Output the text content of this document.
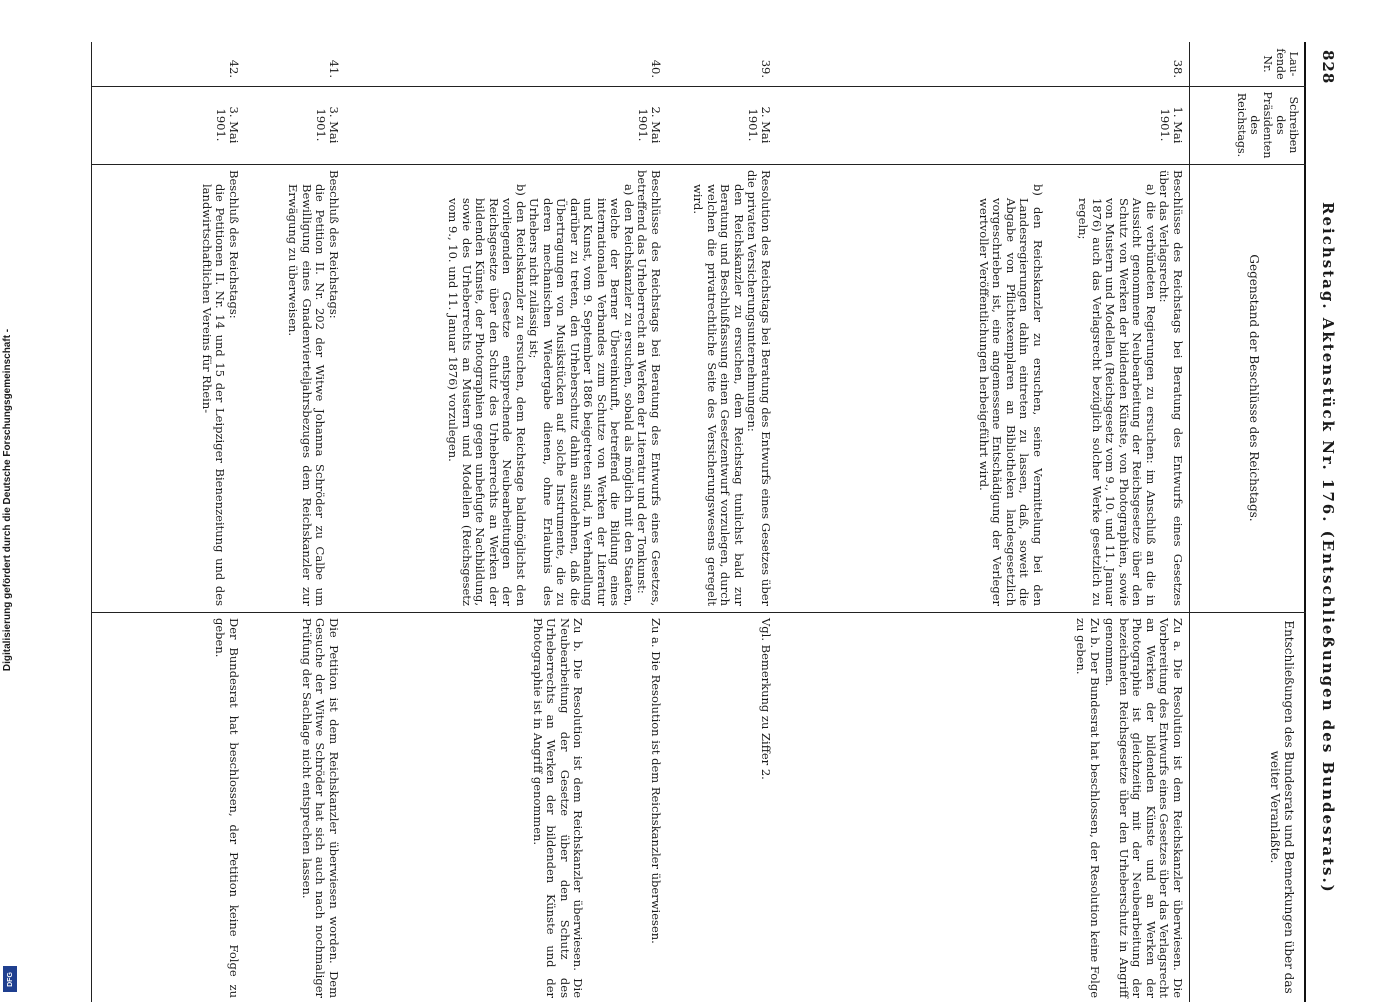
Digitalisierung gefördert durch die Deutsche Forschungsgemeinschaft -
DFG
828
Reichstag. Aktenstück Nr. 176. (Entschließungen des Bundesrats.)
Lau- fende Nr.
Schreiben des Präsidenten des Reichstags.
Gegenstand der Beschlüsse des Reichstags.
Entschließungen des Bundesrats und Bemerkungen über das weiter Veranlaßte.
38.
1. Mai 1901.
Beschlüsse des Reichstags bei Beratung des Entwurfs eines Gesetzes über das Verlagsrecht:
a) die verbündeten Regierungen zu ersuchen: im Anschluß an die in Aussicht genommene Neubearbeitung der Reichsgesetze über den Schutz von Werken der bildenden Künste, von Photographien, sowie von Mustern und Modellen (Reichsgesetz vom 9., 10. und 11. Januar 1876) auch das Verlagsrecht bezüglich solcher Werke gesetzlich zu regeln;
b) den Reichskanzler zu ersuchen, seine Vermittelung bei den Landesregierungen dahin eintreten zu lassen, daß, soweit die Abgabe von Pflichtexemplaren an Bibliotheken landesgesetzlich vorgeschrieben ist, eine angemessene Entschädigung der Verleger wertvoller Veröffentlichungen herbeigeführt wird.
Zu a. Die Resolution ist dem Reichskanzler überwiesen. Die Vorbereitung des Entwurfs eines Gesetzes über das Verlagsrecht an Werken der bildenden Künste und an Werken der Photographie ist gleichzeitig mit der Neubearbeitung der bezeichneten Reichsgesetze über den Urheberschutz in Angriff genommen.
Zu b. Der Bundesrat hat beschlossen, der Resolution keine Folge zu geben.
39.
2. Mai 1901.
Resolution des Reichstags bei Beratung des Entwurfs eines Gesetzes über die privaten Versicherungsunternehmungen:
den Reichskanzler zu ersuchen, dem Reichstag tunlichst bald zur Beratung und Beschlußfassung einen Gesetzentwurf vorzulegen, durch welchen die privatrechtliche Seite des Versicherungswesens geregelt wird.
Vgl. Bemerkung zu Ziffer 2.
40.
2. Mai 1901.
Beschlüsse des Reichstags bei Beratung des Entwurfs eines Gesetzes, betreffend das Urheberrecht an Werken der Literatur und der Tonkunst:
a) den Reichskanzler zu ersuchen, sobald als möglich mit den Staaten, welche der Berner Übereinkunft, betreffend die Bildung eines internationalen Verbandes zum Schutze von Werken der Literatur und Kunst, vom 9. September 1886 beigetreten sind, in Verhandlung darüber zu treten, den Urheberschutz dahin auszudehnen, daß die Übertragungen von Musikstücken auf solche Instrumente, die zu deren mechanischen Wiedergabe dienen, ohne Erlaubnis des Urhebers nicht zulässig ist;
b) den Reichskanzler zu ersuchen, dem Reichstage baldmöglichst den vorliegenden Gesetze entsprechende Neubearbeitungen der Reichsgesetze über den Schutz des Urheberrechts an Werken der bildenden Künste, der Photographien gegen unbefugte Nachbildung, sowie des Urheberrechts an Mustern und Modellen (Reichsgesetz vom 9., 10. und 11. Januar 1876) vorzulegen.
Zu a. Die Resolution ist dem Reichskanzler überwiesen.
Zu b. Die Resolution ist dem Reichskanzler überwiesen. Die Neubearbeitung der Gesetze über den Schutz des Urheberrechts an Werken der bildenden Künste und der Photographie ist in Angriff genommen.
41.
3. Mai 1901.
Beschluß des Reichstags:
die Petition II. Nr. 202 der Witwe Johanna Schröder zu Calbe um Bewilligung eines Gnadenvierteljahrsbezuges dem Reichskanzler zur Erwägung zu überweisen.
Die Petition ist dem Reichskanzler überwiesen worden. Dem Gesuche der Witwe Schröder hat sich auch nach nochmaliger Prüfung der Sachlage nicht entsprechen lassen.
42.
3. Mai 1901.
Beschluß des Reichstags:
die Petitionen II. Nr. 14 und 15 der Leipziger Bienenzeitung und des landwirtschaftlichen Vereins für Rhein-
Der Bundesrat hat beschlossen, der Petition keine Folge zu geben.
